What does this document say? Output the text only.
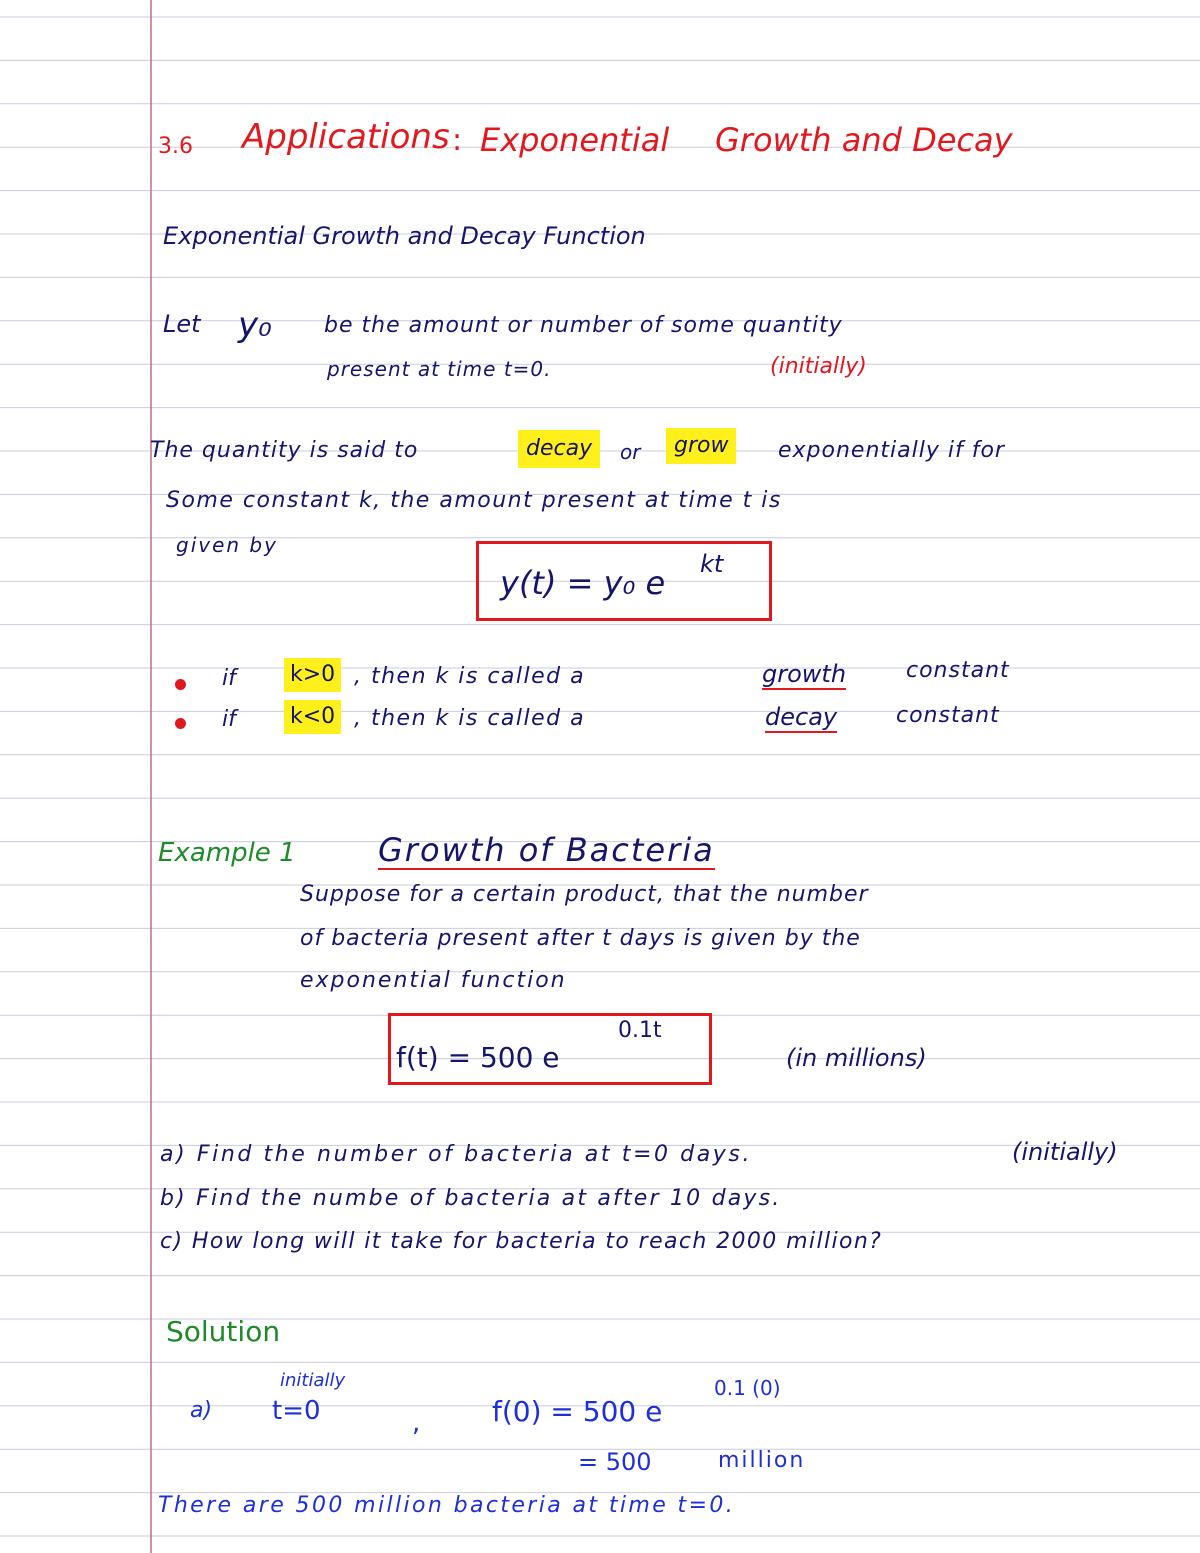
3.6 Applications : Exponential Growth and Decay
Exponential Growth and Decay Function
Let y₀ be the amount or number of some quantity
present at time t=0.	(initially)
The quantity is said to	decay	or	grow	exponentially if for
Some constant k, the amount present at time t is
given by
y(t) = y₀ e kt
if k>0 , then k is called a	growth	constant
if k<0 , then k is called a	decay	constant
Example 1	Growth of Bacteria
Suppose for a certain product, that the number
of bacteria present after t days is given by the
exponential function
f(t) = 500 e
0.1t
(in millions)
a) Find the number of bacteria at t=0 days.	(initially)
b) Find the numbe of bacteria at after 10 days.
c) How long will it take for bacteria to reach 2000 million?
Solution
a)
initially
t=0	,	f(0) = 500 e
0.1 (0)
= 500	million
There are 500 million bacteria at time t=0.
